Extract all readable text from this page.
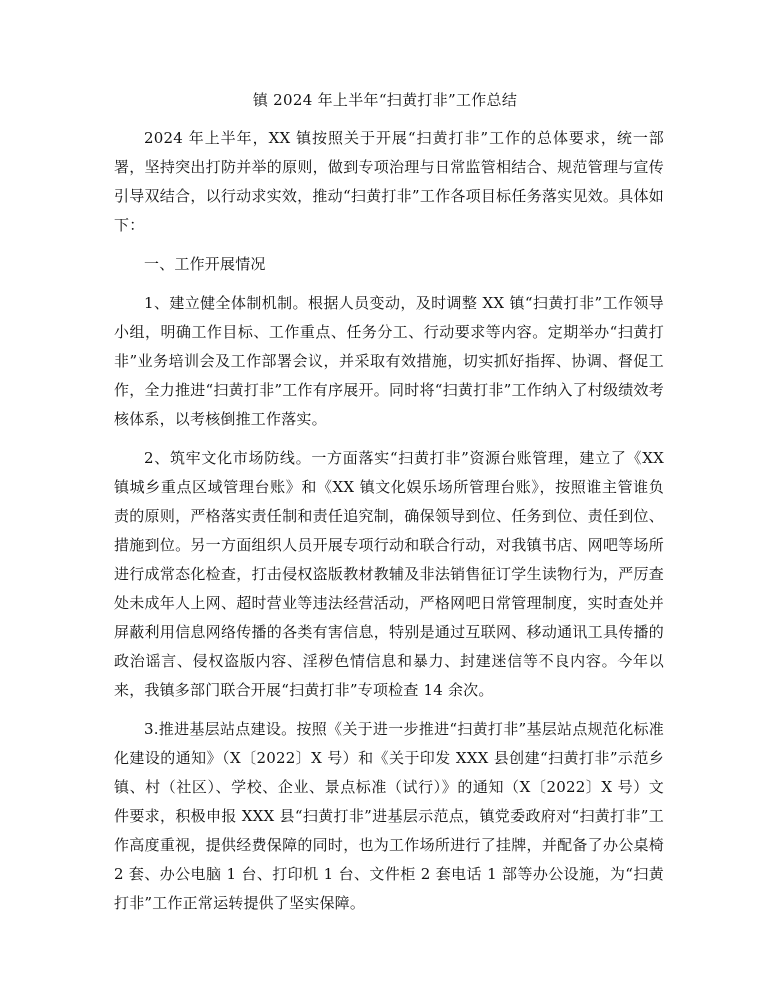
镇 2024 年上半年“扫黄打非”工作总结

2024 年上半年，XX 镇按照关于开展“扫黄打非”工作的总体要求，统一部署，坚持突出打防并举的原则，做到专项治理与日常监管相结合、规范管理与宣传引导双结合，以行动求实效，推动“扫黄打非”工作各项目标任务落实见效。具体如下：

一、工作开展情况

1、建立健全体制机制。根据人员变动，及时调整 XX 镇“扫黄打非”工作领导小组，明确工作目标、工作重点、任务分工、行动要求等内容。定期举办“扫黄打非”业务培训会及工作部署会议，并采取有效措施，切实抓好指挥、协调、督促工作，全力推进“扫黄打非”工作有序展开。同时将“扫黄打非”工作纳入了村级绩效考核体系，以考核倒推工作落实。

2、筑牢文化市场防线。一方面落实“扫黄打非”资源台账管理，建立了《XX 镇城乡重点区域管理台账》和《XX 镇文化娱乐场所管理台账》，按照谁主管谁负责的原则，严格落实责任制和责任追究制，确保领导到位、任务到位、责任到位、措施到位。另一方面组织人员开展专项行动和联合行动，对我镇书店、网吧等场所进行成常态化检查，打击侵权盗版教材教辅及非法销售征订学生读物行为，严厉查处未成年人上网、超时营业等违法经营活动，严格网吧日常管理制度，实时查处并屏蔽利用信息网络传播的各类有害信息，特别是通过互联网、移动通讯工具传播的政治谣言、侵权盗版内容、淫秽色情信息和暴力、封建迷信等不良内容。今年以来，我镇多部门联合开展“扫黄打非”专项检查 14 余次。

3.推进基层站点建设。按照《关于进一步推进“扫黄打非”基层站点规范化标准化建设的通知》（X〔2022〕X 号）和《关于印发 XXX 县创建“扫黄打非”示范乡镇、村（社区）、学校、企业、景点标准（试行）》的通知（X〔2022〕X 号）文件要求，积极申报 XXX 县“扫黄打非”进基层示范点，镇党委政府对“扫黄打非”工作高度重视，提供经费保障的同时，也为工作场所进行了挂牌，并配备了办公桌椅 2 套、办公电脑 1 台、打印机 1 台、文件柜 2 套电话 1 部等办公设施，为“扫黄打非”工作正常运转提供了坚实保障。
